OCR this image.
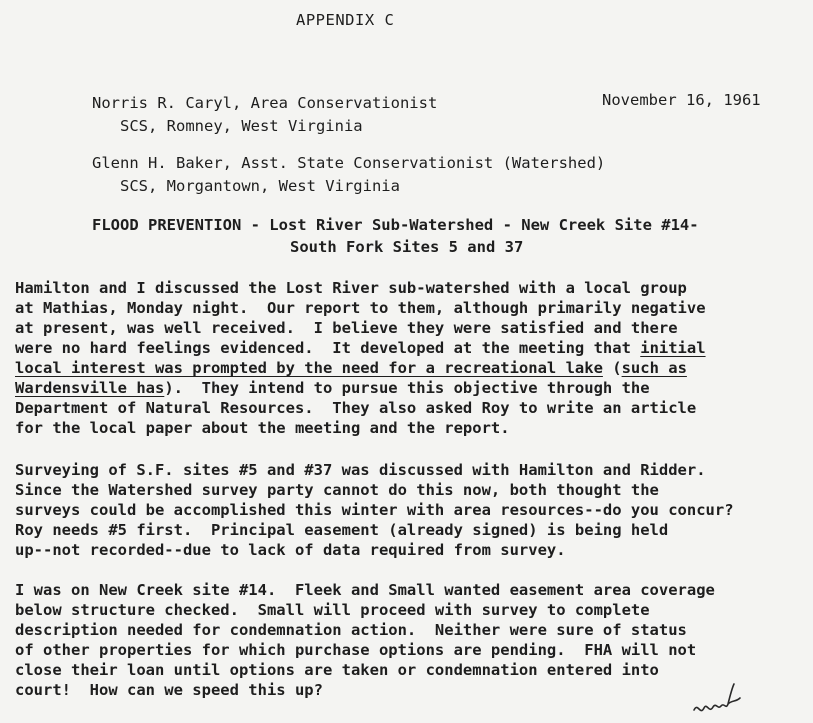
APPENDIX C

Norris R. Caryl, Area Conservationist	November 16, 1961

SCS, Romney, West Virginia

Glenn H. Baker, Asst. State Conservationist (Watershed)

SCS, Morgantown, West Virginia

FLOOD PREVENTION - Lost River Sub-Watershed - New Creek Site #14-

South Fork Sites 5 and 37

Hamilton and I discussed the Lost River sub-watershed with a local group

at Mathias, Monday night.  Our report to them, although primarily negative

at present, was well received.  I believe they were satisfied and there

were no hard feelings evidenced.  It developed at the meeting that initial

local interest was prompted by the need for a recreational lake (such as

Wardensville has).  They intend to pursue this objective through the

Department of Natural Resources.  They also asked Roy to write an article

for the local paper about the meeting and the report.

Surveying of S.F. sites #5 and #37 was discussed with Hamilton and Ridder.

Since the Watershed survey party cannot do this now, both thought the

surveys could be accomplished this winter with area resources--do you concur?

Roy needs #5 first.  Principal easement (already signed) is being held

up--not recorded--due to lack of data required from survey.

I was on New Creek site #14.  Fleek and Small wanted easement area coverage

below structure checked.  Small will proceed with survey to complete

description needed for condemnation action.  Neither were sure of status

of other properties for which purchase options are pending.  FHA will not

close their loan until options are taken or condemnation entered into

court!  How can we speed this up?
